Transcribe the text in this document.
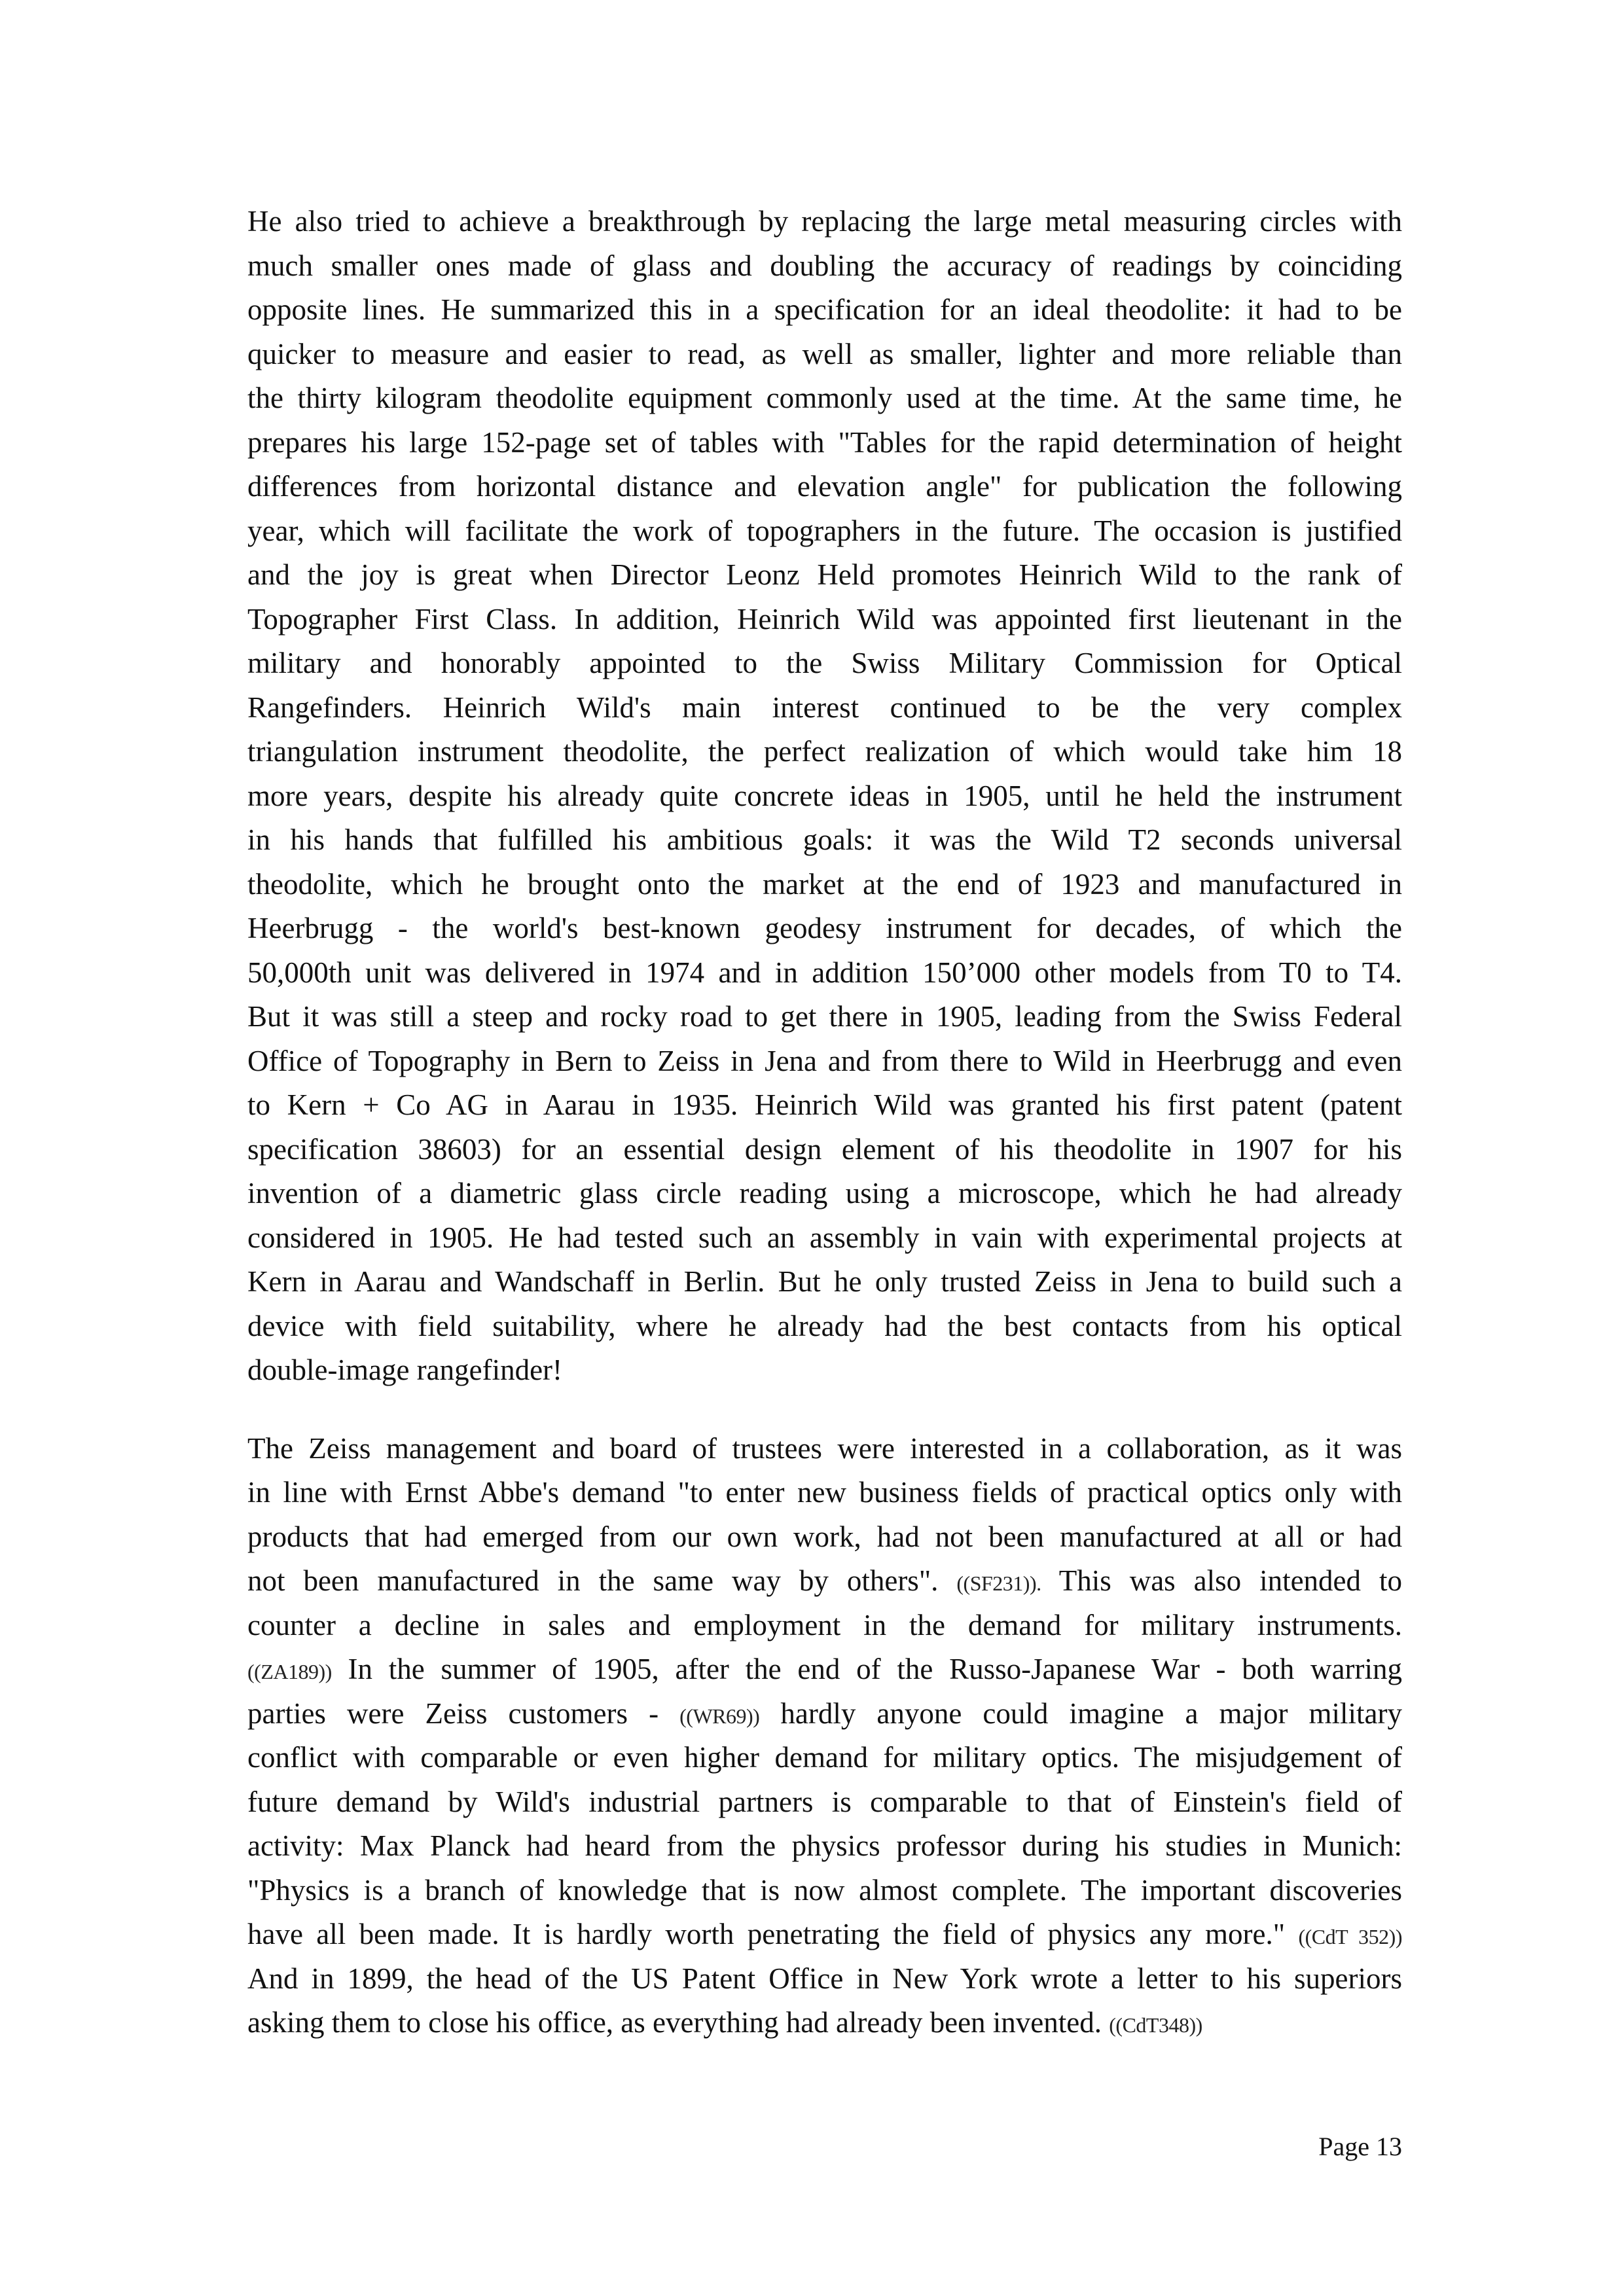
He also tried to achieve a breakthrough by replacing the large metal measuring circles with
much smaller ones made of glass and doubling the accuracy of readings by coinciding
opposite lines. He summarized this in a specification for an ideal theodolite: it had to be
quicker to measure and easier to read, as well as smaller, lighter and more reliable than
the thirty kilogram theodolite equipment commonly used at the time. At the same time, he
prepares his large 152-page set of tables with "Tables for the rapid determination of height
differences from horizontal distance and elevation angle" for publication the following
year, which will facilitate the work of topographers in the future. The occasion is justified
and the joy is great when Director Leonz Held promotes Heinrich Wild to the rank of
Topographer First Class. In addition, Heinrich Wild was appointed first lieutenant in the
military and honorably appointed to the Swiss Military Commission for Optical
Rangefinders. Heinrich Wild's main interest continued to be the very complex
triangulation instrument theodolite, the perfect realization of which would take him 18
more years, despite his already quite concrete ideas in 1905, until he held the instrument
in his hands that fulfilled his ambitious goals: it was the Wild T2 seconds universal
theodolite, which he brought onto the market at the end of 1923 and manufactured in
Heerbrugg - the world's best-known geodesy instrument for decades, of which the
50,000th unit was delivered in 1974 and in addition 150’000 other models from T0 to T4.
But it was still a steep and rocky road to get there in 1905, leading from the Swiss Federal
Office of Topography in Bern to Zeiss in Jena and from there to Wild in Heerbrugg and even
to Kern + Co AG in Aarau in 1935. Heinrich Wild was granted his first patent (patent
specification 38603) for an essential design element of his theodolite in 1907 for his
invention of a diametric glass circle reading using a microscope, which he had already
considered in 1905. He had tested such an assembly in vain with experimental projects at
Kern in Aarau and Wandschaff in Berlin. But he only trusted Zeiss in Jena to build such a
device with field suitability, where he already had the best contacts from his optical
double-image rangefinder!
The Zeiss management and board of trustees were interested in a collaboration, as it was
in line with Ernst Abbe's demand "to enter new business fields of practical optics only with
products that had emerged from our own work, had not been manufactured at all or had
not been manufactured in the same way by others". ((SF231)). This was also intended to
counter a decline in sales and employment in the demand for military instruments.
((ZA189)) In the summer of 1905, after the end of the Russo-Japanese War - both warring
parties were Zeiss customers - ((WR69)) hardly anyone could imagine a major military
conflict with comparable or even higher demand for military optics. The misjudgement of
future demand by Wild's industrial partners is comparable to that of Einstein's field of
activity: Max Planck had heard from the physics professor during his studies in Munich:
"Physics is a branch of knowledge that is now almost complete. The important discoveries
have all been made. It is hardly worth penetrating the field of physics any more." ((CdT 352))
And in 1899, the head of the US Patent Office in New York wrote a letter to his superiors
asking them to close his office, as everything had already been invented. ((CdT348))
Page 13
